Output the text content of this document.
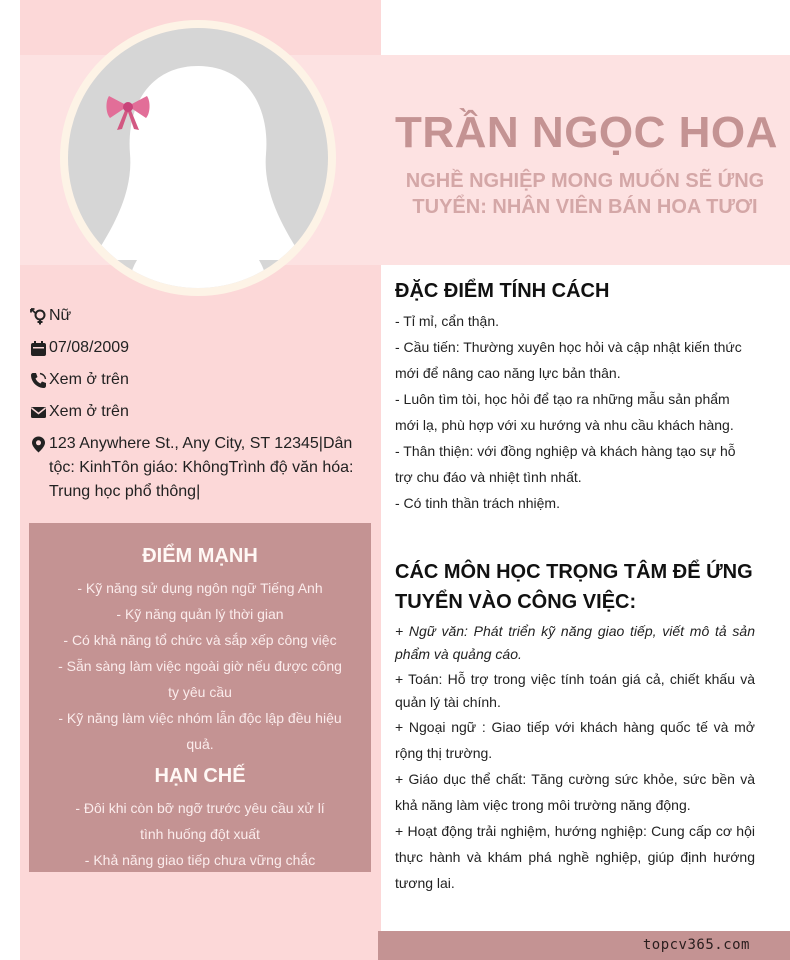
TRẦN NGỌC HOA
NGHỀ NGHIỆP MONG MUỐN SẼ ỨNG
TUYỂN: NHÂN VIÊN BÁN HOA TƯƠI
Nữ
07/08/2009
Xem ở trên
Xem ở trên
123 Anywhere St., Any City, ST 12345|Dân tộc: KinhTôn giáo: KhôngTrình độ văn hóa: Trung học phổ thông|
ĐIỂM MẠNH
- Kỹ năng sử dụng ngôn ngữ Tiếng Anh
- Kỹ năng quản lý thời gian
- Có khả năng tổ chức và sắp xếp công việc
- Sẵn sàng làm việc ngoài giờ nếu được công ty yêu cầu
- Kỹ năng làm việc nhóm lẫn độc lập đều hiệu quả.
HẠN CHẾ
- Đôi khi còn bỡ ngỡ trước yêu cầu xử lí tình huống đột xuất
- Khả năng giao tiếp chưa vững chắc
ĐẶC ĐIỂM TÍNH CÁCH
- Tỉ mỉ, cẩn thận.
- Cầu tiến: Thường xuyên học hỏi và cập nhật kiến thức mới để nâng cao năng lực bản thân.
- Luôn tìm tòi, học hỏi để tạo ra những mẫu sản phẩm mới lạ, phù hợp với xu hướng và nhu cầu khách hàng.
- Thân thiện: với đồng nghiệp và khách hàng tạo sự hỗ trợ chu đáo và nhiệt tình nhất.
- Có tinh thần trách nhiệm.
CÁC MÔN HỌC TRỌNG TÂM ĐỂ ỨNG
TUYỂN VÀO CÔNG VIỆC:
+ Ngữ văn: Phát triển kỹ năng giao tiếp, viết mô tả sản phẩm và quảng cáo.
+ Toán: Hỗ trợ trong việc tính toán giá cả, chiết khấu và quản lý tài chính.
+ Ngoại ngữ : Giao tiếp với khách hàng quốc tế và mở rộng thị trường.
+ Giáo dục thể chất: Tăng cường sức khỏe, sức bền và khả năng làm việc trong môi trường năng động.
+ Hoạt động trải nghiệm, hướng nghiệp: Cung cấp cơ hội thực hành và khám phá nghề nghiệp, giúp định hướng tương lai.
topcv365.com
